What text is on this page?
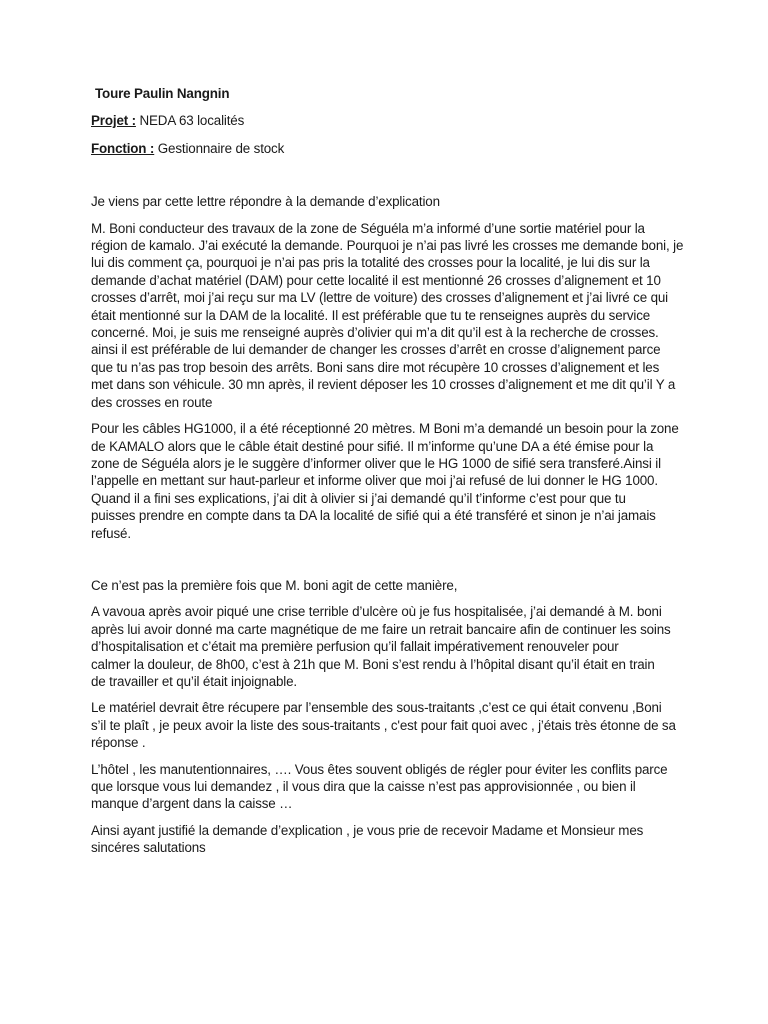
Toure Paulin Nangnin
Projet : NEDA 63 localités
Fonction : Gestionnaire de stock
Je viens par cette lettre répondre à la demande d’explication
M. Boni conducteur des travaux de la zone de Séguéla m’a informé d’une sortie matériel pour la
région de kamalo. J’ai exécuté la demande. Pourquoi je n’ai pas livré les crosses me demande boni, je
lui dis comment ça, pourquoi je n’ai pas pris la totalité des crosses pour la localité, je lui dis sur la
demande d’achat matériel (DAM) pour cette localité il est mentionné 26 crosses d’alignement et 10
crosses d’arrêt, moi j’ai reçu sur ma LV (lettre de voiture) des crosses d’alignement et j’ai livré ce qui
était mentionné sur la DAM de la localité. Il est préférable que tu te renseignes auprès du service
concerné. Moi, je suis me renseigné auprès d’olivier qui m’a dit qu’il est à la recherche de crosses.
ainsi il est préférable de lui demander de changer les crosses d’arrêt en crosse d’alignement parce
que tu n’as pas trop besoin des arrêts. Boni sans dire mot récupère 10 crosses d’alignement et les
met dans son véhicule. 30 mn après, il revient déposer les 10 crosses d’alignement et me dit qu’il Y a
des crosses en route
Pour les câbles HG1000, il a été réceptionné 20 mètres. M Boni m’a demandé un besoin pour la zone
de KAMALO alors que le câble était destiné pour sifié. Il m’informe qu’une DA a été émise pour la
zone de Séguéla alors je le suggère d’informer oliver que le HG 1000 de sifié sera transferé.Ainsi il
l’appelle en mettant sur haut-parleur et informe oliver que moi j’ai refusé de lui donner le HG 1000.
Quand il a fini ses explications, j’ai dit à olivier si j’ai demandé qu’il t’informe c’est pour que tu
puisses prendre en compte dans ta DA la localité de sifié qui a été transféré et sinon je n’ai jamais
refusé.
Ce n’est pas la première fois que M. boni agit de cette manière,
A vavoua après avoir piqué une crise terrible d’ulcère où je fus hospitalisée, j’ai demandé à M. boni
après lui avoir donné ma carte magnétique de me faire un retrait bancaire afin de continuer les soins
d’hospitalisation et c’était ma première perfusion qu’il fallait impérativement renouveler pour
calmer la douleur, de 8h00, c’est à 21h que M. Boni s’est rendu à l’hôpital disant qu’il était en train
de travailler et qu’il était injoignable.
Le matériel devrait être récupere par l’ensemble des sous-traitants ,c’est ce qui était convenu ,Boni
s’il te plaît , je peux avoir la liste des sous-traitants , c'est pour fait quoi avec , j’étais très étonne de sa
réponse .
L’hôtel , les manutentionnaires, …. Vous êtes souvent obligés de régler pour éviter les conflits parce
que lorsque vous lui demandez , il vous dira que la caisse n’est pas approvisionnée , ou bien il
manque d’argent dans la caisse …
Ainsi ayant justifié la demande d’explication , je vous prie de recevoir Madame et Monsieur mes
sincéres salutations
